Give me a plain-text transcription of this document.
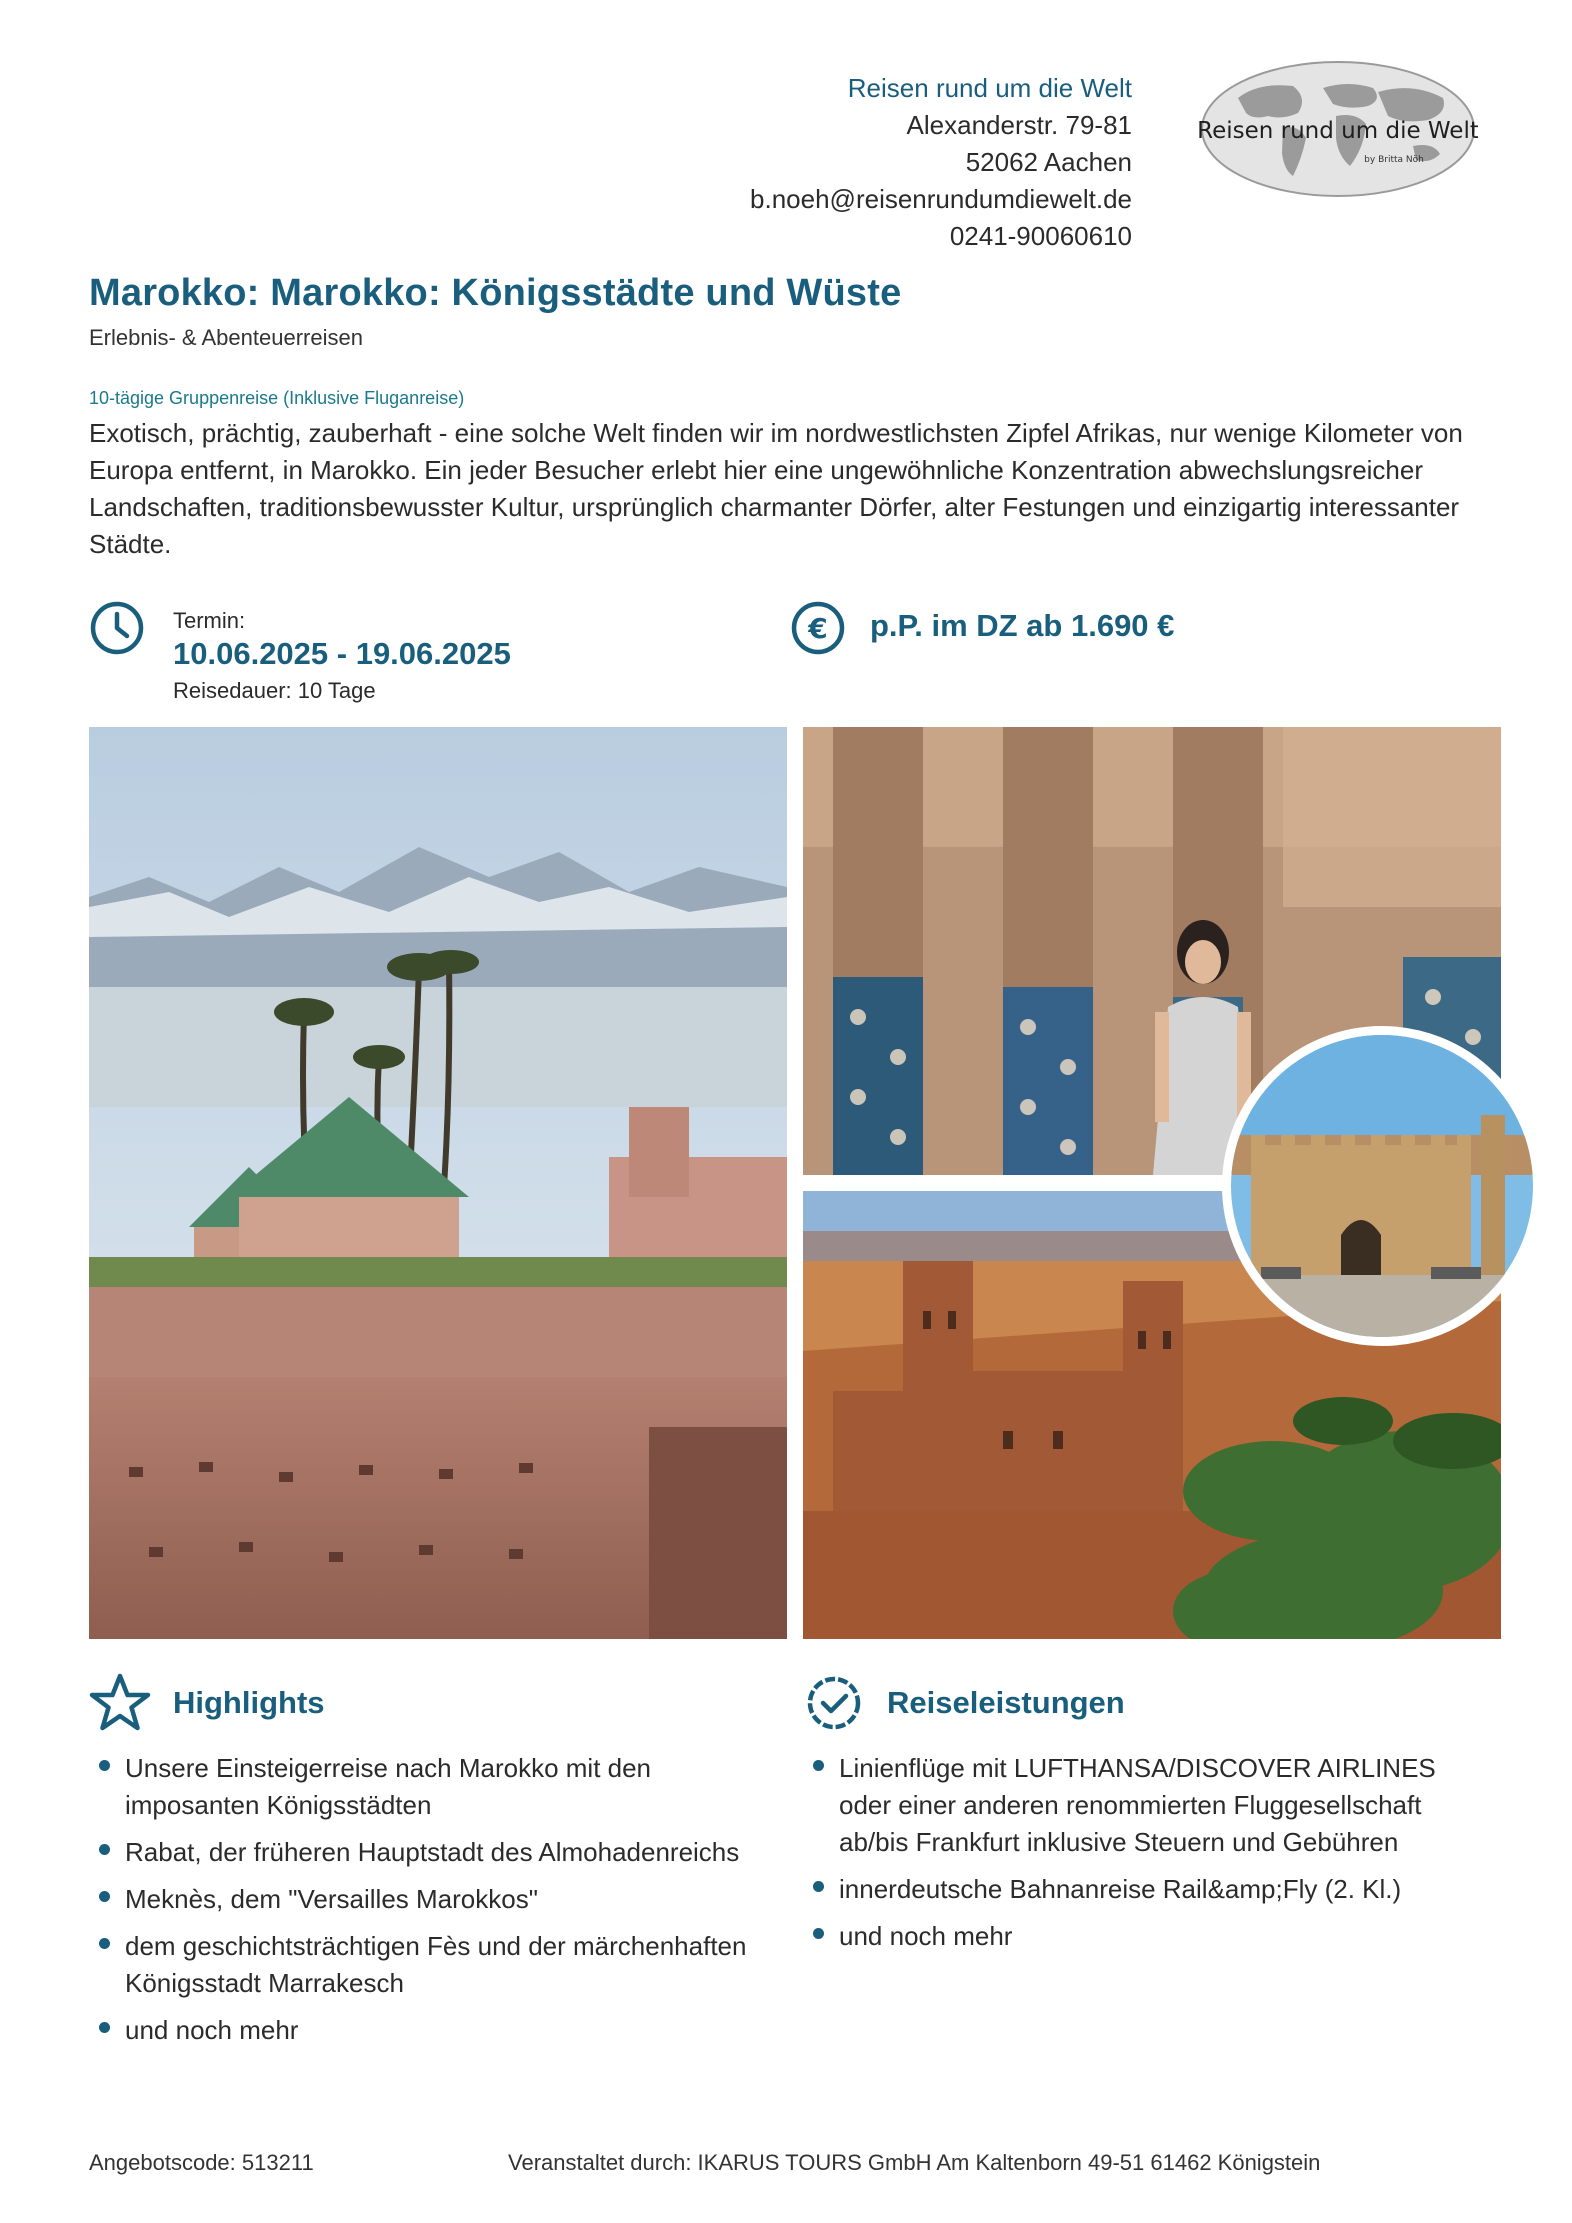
Reisen rund um die Welt
Alexanderstr. 79-81
52062 Aachen
b.noeh@reisenrundumdiewelt.de
0241-90060610
Reisen rund um die Welt
by Britta Nöh
Marokko: Marokko: Königsstädte und Wüste
Erlebnis- & Abenteuerreisen
10-tägige Gruppenreise (Inklusive Fluganreise)
Exotisch, prächtig, zauberhaft - eine solche Welt finden wir im nordwestlichsten Zipfel Afrikas, nur wenige Kilometer von Europa entfernt, in Marokko. Ein jeder Besucher erlebt hier eine ungewöhnliche Konzentration abwechslungsreicher Landschaften, traditionsbewusster Kultur, ursprünglich charmanter Dörfer, alter Festungen und einzigartig interessanter Städte.
Termin:
10.06.2025 - 19.06.2025
Reisedauer: 10 Tage
€ p.P. im DZ ab 1.690 €
Highlights
Unsere Einsteigerreise nach Marokko mit den imposanten Königsstädten
Rabat, der früheren Hauptstadt des Almohadenreichs
Meknès, dem "Versailles Marokkos"
dem geschichtsträchtigen Fès und der märchenhaften Königsstadt Marrakesch
und noch mehr
Reiseleistungen
Linienflüge mit LUFTHANSA/DISCOVER AIRLINES oder einer anderen renommierten Fluggesellschaft ab/bis Frankfurt inklusive Steuern und Gebühren
innerdeutsche Bahnanreise Rail&amp;Fly (2. Kl.)
und noch mehr
Angebotscode: 513211	Veranstaltet durch: IKARUS TOURS GmbH Am Kaltenborn 49-51 61462 Königstein
